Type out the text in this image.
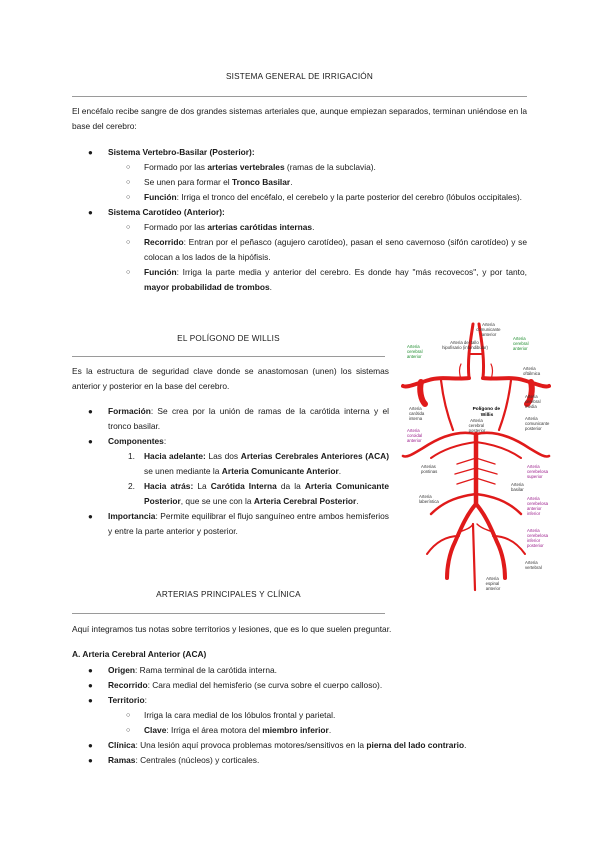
SISTEMA GENERAL DE IRRIGACIÓN

El encéfalo recibe sangre de dos grandes sistemas arteriales que, aunque empiezan separados, terminan uniéndose en la base del cerebro:

● Sistema Vertebro-Basilar (Posterior):
○ Formado por las arterias vertebrales (ramas de la subclavia).
○ Se unen para formar el Tronco Basilar.
○ Función: Irriga el tronco del encéfalo, el cerebelo y la parte posterior del cerebro (lóbulos occipitales).
● Sistema Carotídeo (Anterior):
○ Formado por las arterias carótidas internas.
○ Recorrido: Entran por el peñasco (agujero carotídeo), pasan el seno cavernoso (sifón carotídeo) y se colocan a los lados de la hipófisis.
○ Función: Irriga la parte media y anterior del cerebro. Es donde hay "más recovecos", y por tanto, mayor probabilidad de trombos.
EL POLÍGONO DE WILLIS

Es la estructura de seguridad clave donde se anastomosan (unen) los sistemas anterior y posterior en la base del cerebro.

● Formación: Se crea por la unión de ramas de la carótida interna y el tronco basilar.
● Componentes:
1. Hacia adelante: Las dos Arterias Cerebrales Anteriores (ACA) se unen mediante la Arteria Comunicante Anterior.
2. Hacia atrás: La Carótida Interna da la Arteria Comunicante Posterior, que se une con la Arteria Cerebral Posterior.
● Importancia: Permite equilibrar el flujo sanguíneo entre ambos hemisferios y entre la parte anterior y posterior.
Arteria comunicante anterior
Arteria cerebral anterior
Arteria cerebral anterior
Arteria del tallo hipofisario (infundibular)
Arteria oftálmica
Arteria carótida interna
Polígono de Willis
Arteria cerebral media
Arteria coroidal anterior
Arteria comunicante posterior
Arteria cerebral posterior
Arterias pontinas
Arteria basilar
Arteria cerebelosa superior
Arteria laberíntica
Arteria cerebelosa anterior inferior
Arteria cerebelosa inferior posterior
Arteria vertebral
Arteria espinal anterior
ARTERIAS PRINCIPALES Y CLÍNICA

Aquí integramos tus notas sobre territorios y lesiones, que es lo que suelen preguntar.

A. Arteria Cerebral Anterior (ACA)
● Origen: Rama terminal de la carótida interna.
● Recorrido: Cara medial del hemisferio (se curva sobre el cuerpo calloso).
● Territorio:
○ Irriga la cara medial de los lóbulos frontal y parietal.
○ Clave: Irriga el área motora del miembro inferior.
● Clínica: Una lesión aquí provoca problemas motores/sensitivos en la pierna del lado contrario.
● Ramas: Centrales (núcleos) y corticales.
